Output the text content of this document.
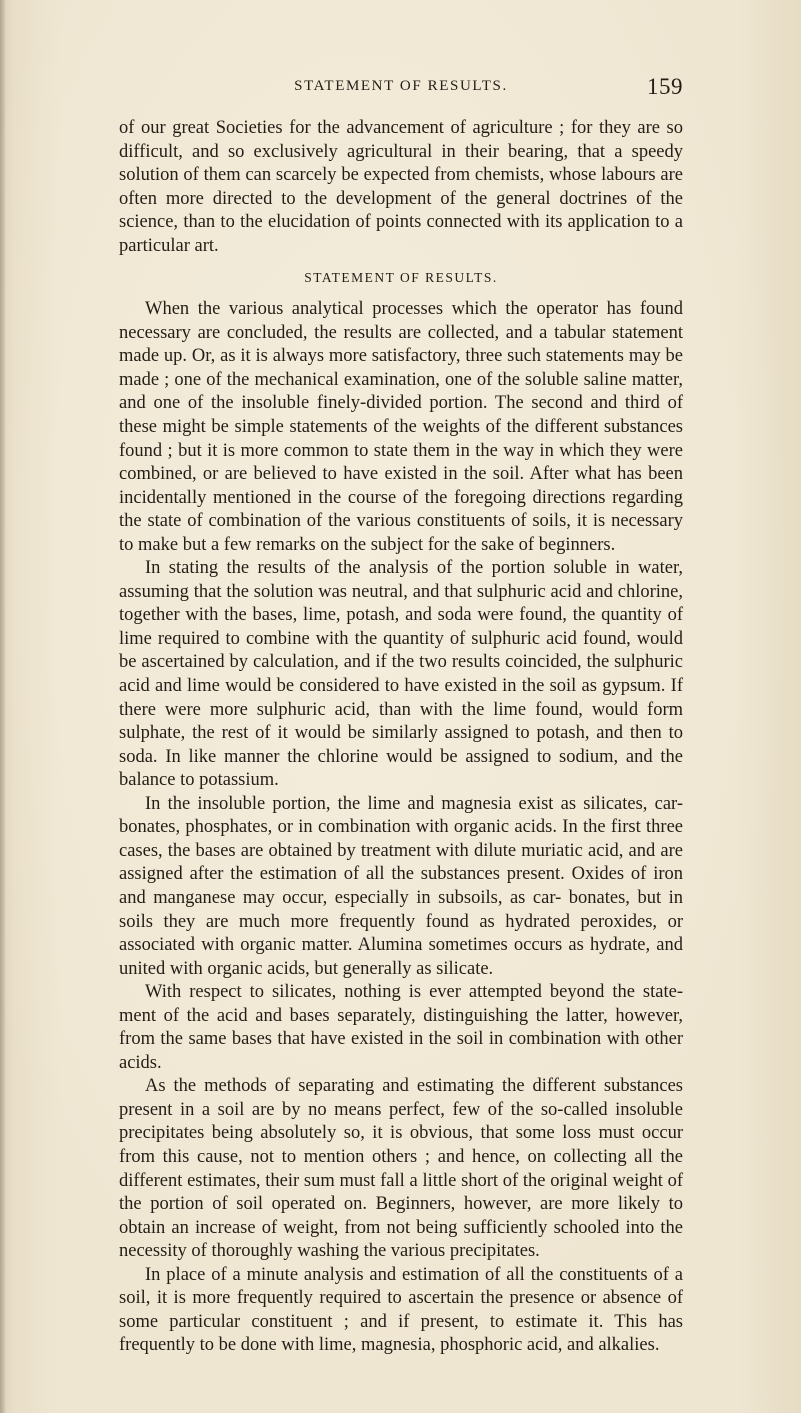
STATEMENT OF RESULTS.	159

of our great Societies for the advancement of agriculture ; for they are so difficult, and so exclusively agricultural in their bearing, that a speedy solution of them can scarcely be expected from chemists, whose labours are often more directed to the development of the general doctrines of the science, than to the elucidation of points connected with its application to a particular art.

STATEMENT OF RESULTS.

When the various analytical processes which the operator has found necessary are concluded, the results are collected, and a tabular statement made up. Or, as it is always more satisfactory, three such statements may be made ; one of the mechanical examination, one of the soluble saline matter, and one of the insoluble finely-divided portion. The second and third of these might be simple statements of the weights of the different substances found ; but it is more common to state them in the way in which they were combined, or are believed to have existed in the soil. After what has been incidentally mentioned in the course of the foregoing directions regarding the state of combination of the various constituents of soils, it is necessary to make but a few remarks on the subject for the sake of beginners.

In stating the results of the analysis of the portion soluble in water, assuming that the solution was neutral, and that sulphuric acid and chlorine, together with the bases, lime, potash, and soda were found, the quantity of lime required to combine with the quantity of sulphuric acid found, would be ascertained by calculation, and if the two results coincided, the sulphuric acid and lime would be considered to have existed in the soil as gypsum. If there were more sulphuric acid, than with the lime found, would form sulphate, the rest of it would be similarly assigned to potash, and then to soda. In like manner the chlorine would be assigned to sodium, and the balance to potassium.

In the insoluble portion, the lime and magnesia exist as silicates, car- bonates, phosphates, or in combination with organic acids. In the first three cases, the bases are obtained by treatment with dilute muriatic acid, and are assigned after the estimation of all the substances present. Oxides of iron and manganese may occur, especially in subsoils, as car- bonates, but in soils they are much more frequently found as hydrated peroxides, or associated with organic matter. Alumina sometimes occurs as hydrate, and united with organic acids, but generally as silicate.

With respect to silicates, nothing is ever attempted beyond the state- ment of the acid and bases separately, distinguishing the latter, however, from the same bases that have existed in the soil in combination with other acids.

As the methods of separating and estimating the different substances present in a soil are by no means perfect, few of the so-called insoluble precipitates being absolutely so, it is obvious, that some loss must occur from this cause, not to mention others ; and hence, on collecting all the different estimates, their sum must fall a little short of the original weight of the portion of soil operated on. Beginners, however, are more likely to obtain an increase of weight, from not being sufficiently schooled into the necessity of thoroughly washing the various precipitates.

In place of a minute analysis and estimation of all the constituents of a soil, it is more frequently required to ascertain the presence or absence of some particular constituent ; and if present, to estimate it. This has frequently to be done with lime, magnesia, phosphoric acid, and alkalies.
